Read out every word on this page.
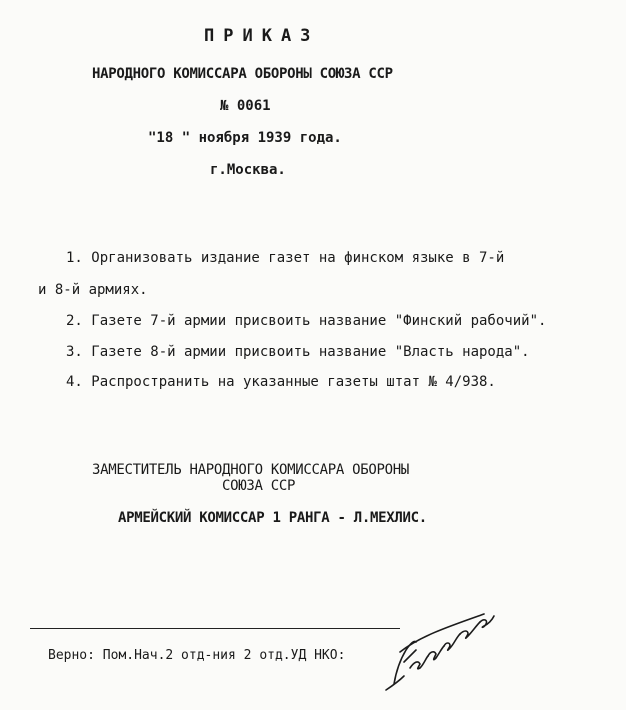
ПРИКАЗ
НАРОДНОГО КОМИССАРА ОБОРОНЫ СОЮЗА ССР
№ 0061
"18 " ноября 1939 года.
г.Москва.
1. Организовать издание газет на финском языке в 7-й
и 8-й армиях.
2. Газете 7-й армии присвоить название "Финский рабочий".
3. Газете 8-й армии присвоить название "Власть народа".
4. Распространить на указанные газеты штат № 4/938.
ЗАМЕСТИТЕЛЬ НАРОДНОГО КОМИССАРА ОБОРОНЫ
СОЮЗА ССР
АРМЕЙСКИЙ КОМИССАР 1 РАНГА - Л.МЕХЛИС.
Верно: Пом.Нач.2 отд-ния 2 отд.УД НКО:
